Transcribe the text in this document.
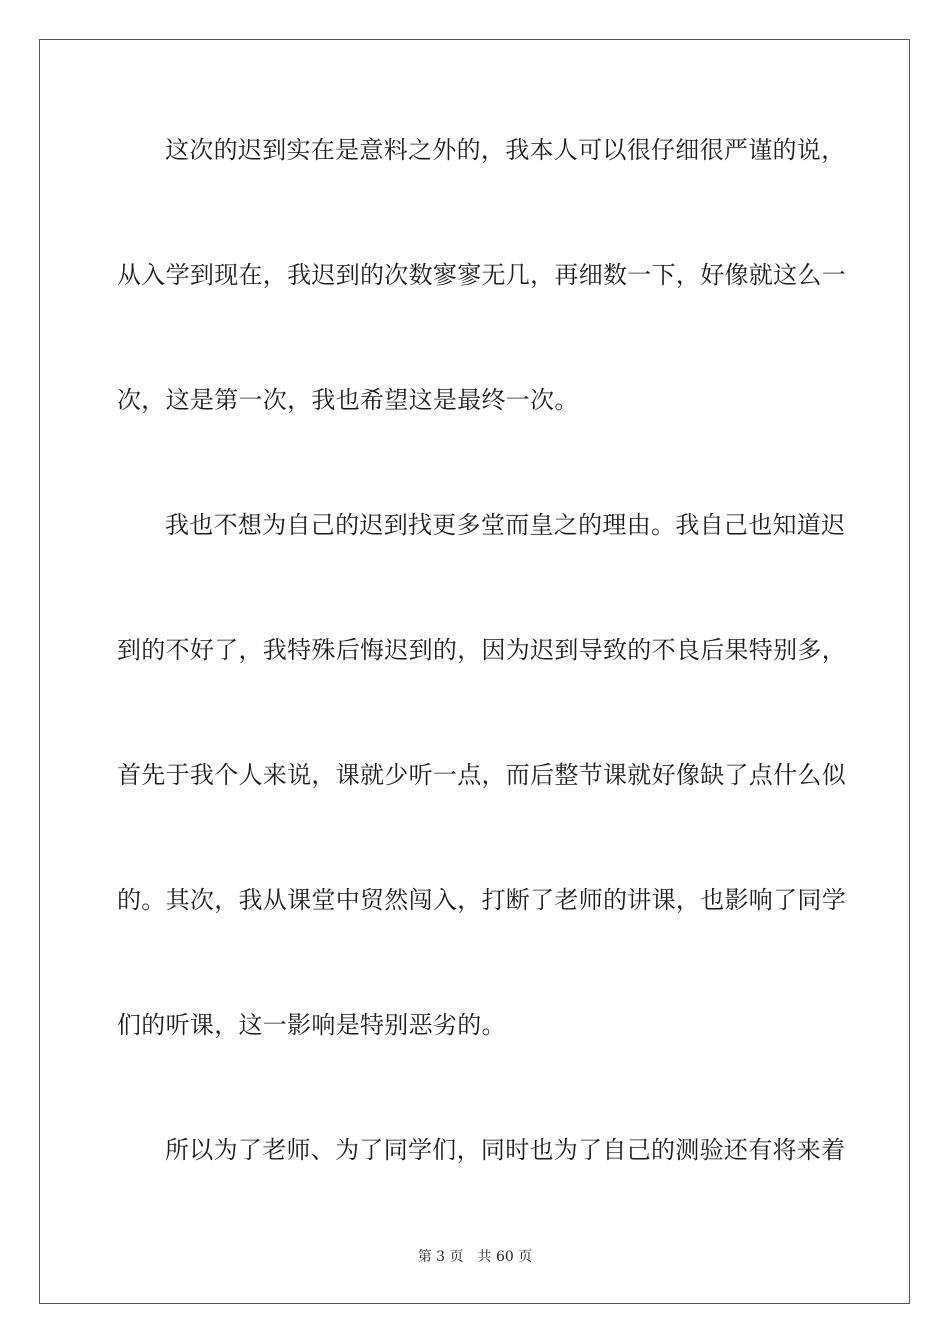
这次的迟到实在是意料之外的，我本人可以很仔细很严谨的说，
从入学到现在，我迟到的次数寥寥无几，再细数一下，好像就这么一
次，这是第一次，我也希望这是最终一次。
我也不想为自己的迟到找更多堂而皇之的理由。我自己也知道迟
到的不好了，我特殊后悔迟到的，因为迟到导致的不良后果特别多，
首先于我个人来说，课就少听一点，而后整节课就好像缺了点什么似
的。其次，我从课堂中贸然闯入，打断了老师的讲课，也影响了同学
们的听课，这一影响是特别恶劣的。
所以为了老师、为了同学们，同时也为了自己的测验还有将来着
第 3 页 共 60 页
